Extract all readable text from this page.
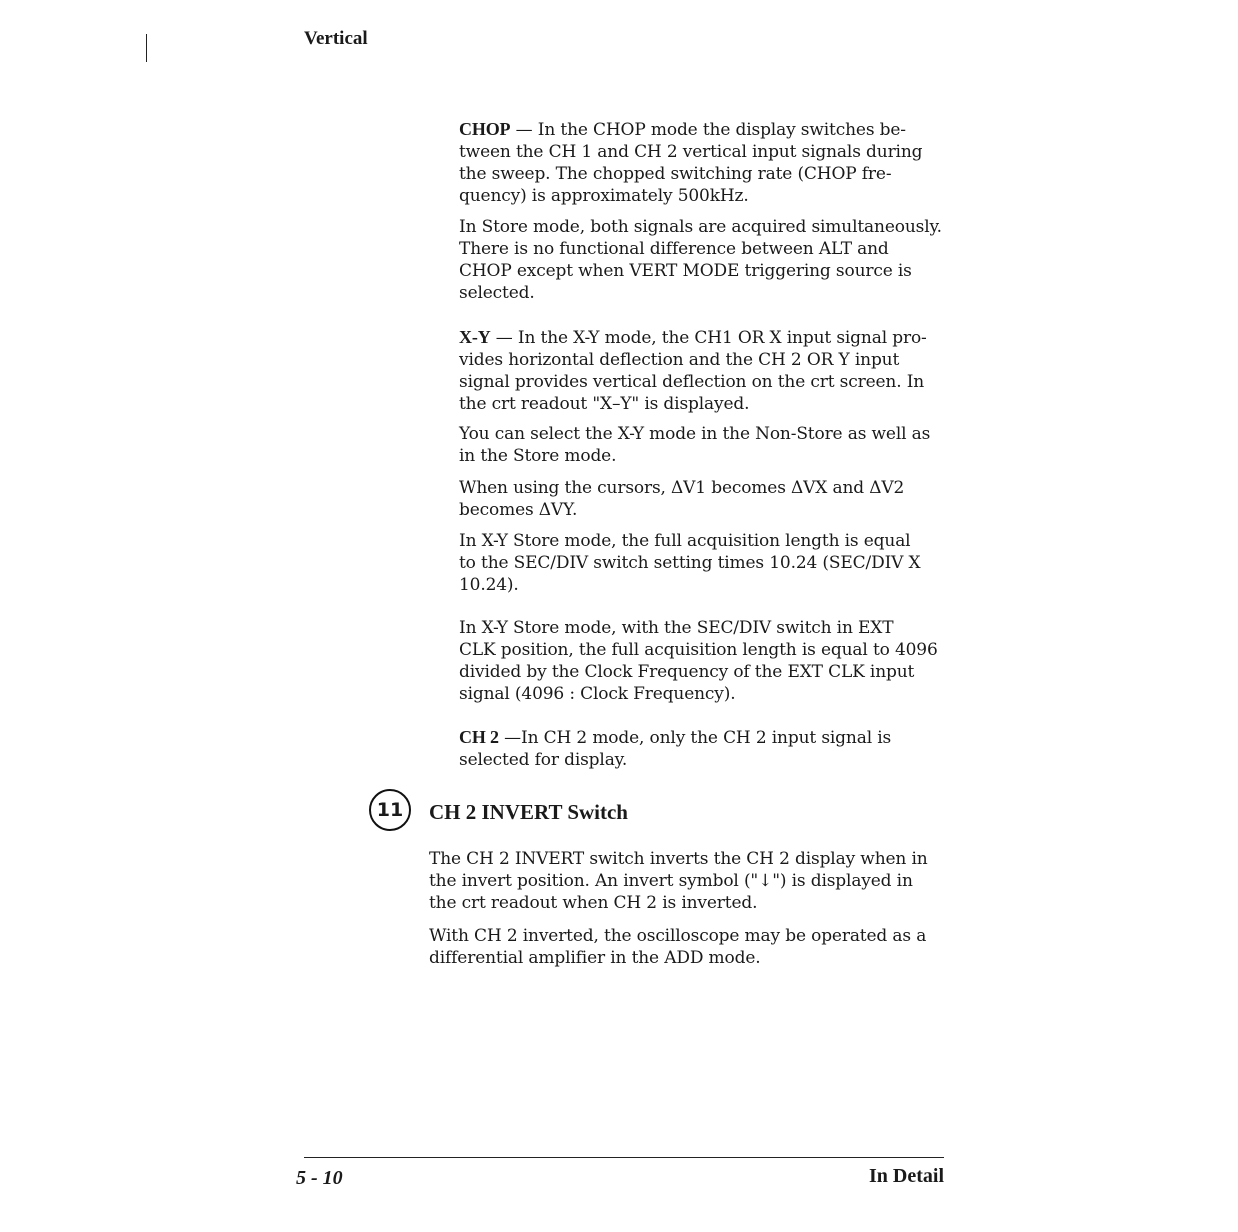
Vertical

CHOP — In the CHOP mode the display switches be-
tween the CH 1 and CH 2 vertical input signals during
the sweep. The chopped switching rate (CHOP fre-
quency) is approximately 500kHz.

In Store mode, both signals are acquired simultaneously.
There is no functional difference between ALT and
CHOP except when VERT MODE triggering source is
selected.

X-Y — In the X-Y mode, the CH1 OR X input signal pro-
vides horizontal deflection and the CH 2 OR Y input
signal provides vertical deflection on the crt screen. In
the crt readout "X–Y" is displayed.

You can select the X-Y mode in the Non-Store as well as
in the Store mode.

When using the cursors, ΔV1 becomes ΔVX and ΔV2
becomes ΔVY.

In X-Y Store mode, the full acquisition length is equal
to the SEC/DIV switch setting times 10.24 (SEC/DIV X
10.24).

In X-Y Store mode, with the SEC/DIV switch in EXT
CLK position, the full acquisition length is equal to 4096
divided by the Clock Frequency of the EXT CLK input
signal (4096 : Clock Frequency).

CH 2 —In CH 2 mode, only the CH 2 input signal is
selected for display.

11	CH 2 INVERT Switch

The CH 2 INVERT switch inverts the CH 2 display when in
the invert position. An invert symbol ("↓") is displayed in
the crt readout when CH 2 is inverted.

With CH 2 inverted, the oscilloscope may be operated as a
differential amplifier in the ADD mode.

5 - 10	In Detail
